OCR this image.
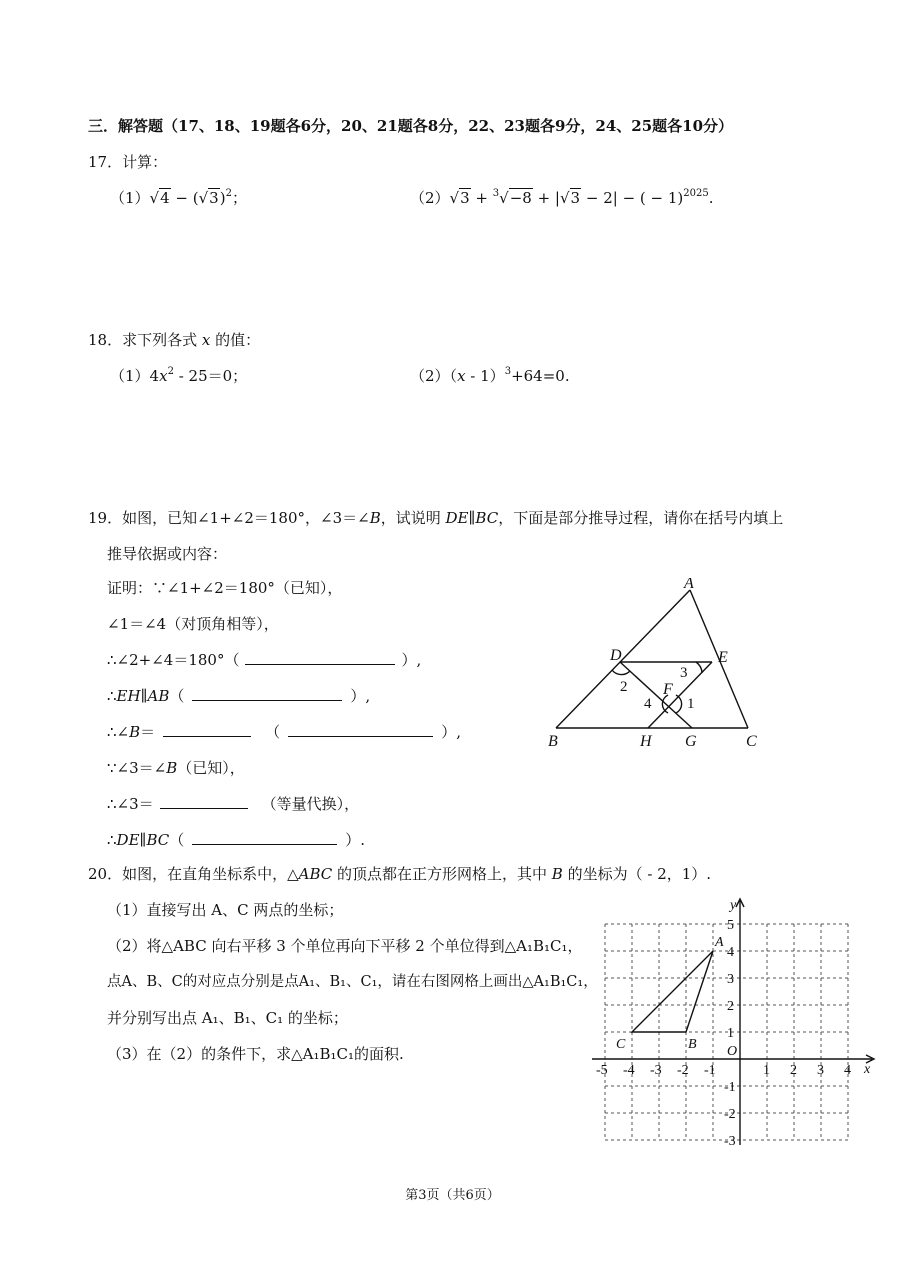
三．解答题（17、18、19题各6分，20、21题各8分，22、23题各9分，24、25题各10分）
17．计算：
$(1)√4 - (√3)^2$；	（2）√3 + $^3$√−8 + |√3 − 2| − ( − 1)$^{2025}$.
18．求下列各式 x 的值：
$(1)4x^2 - 25=0$；	（2）（x - 1）$^3$+64=0.
19．如图，已知∠1+∠2＝180°，∠3＝∠B，试说明 DE∥BC，下面是部分推导过程，请你在括号内填上
推导依据或内容：
证明：∵∠1+∠2＝180°（已知），
∠1＝∠4（对顶角相等），
∴∠2+∠4＝180°（	）,
∴EH∥AB（	）,
∴∠B＝	（	）,
∵∠3＝∠B（已知），
∴∠3＝	（等量代换），
∴DE∥BC（	）.
A
B	C
D	E
F
G
H
1
2
3
4
20．如图，在直角坐标系中，△ABC 的顶点都在正方形网格上，其中 B 的坐标为（ - 2，1）.
（1）直接写出 A、C 两点的坐标；
（2）将△ABC 向右平移 3 个单位再向下平移 2 个单位得到△A₁B₁C₁，
点A、B、C的对应点分别是点A₁、B₁、C₁，请在右图网格上画出△A₁B₁C₁，
并分别写出点 A₁、B₁、C₁ 的坐标；
（3）在（2）的条件下，求△A₁B₁C₁的面积.
A
B
C
-5 -4 -3 -2 -1	1 2 3 4
5
4
3
2
1
-1
-2
-3
x
y
O
第3页（共6页）
